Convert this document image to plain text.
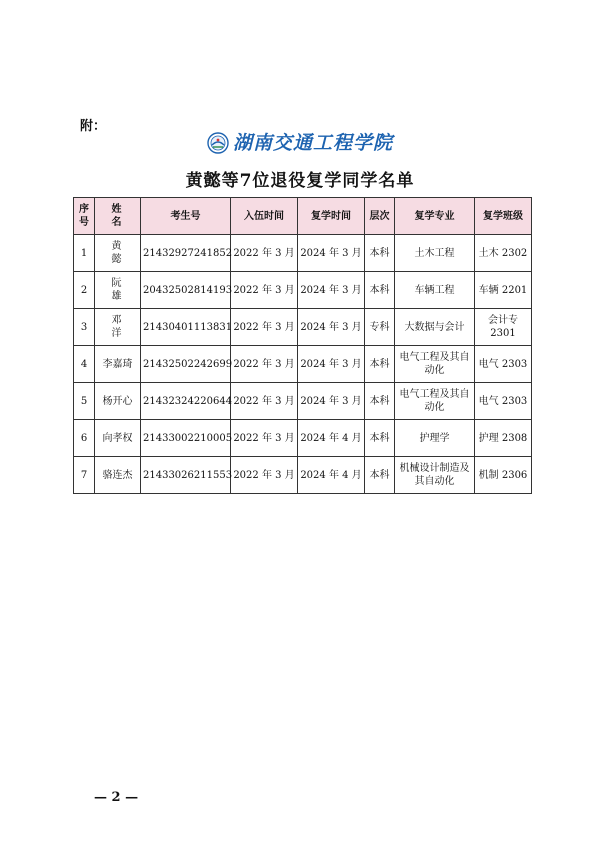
附：
湖南交通工程学院
黄懿等7位退役复学同学名单
序号	姓名	考生号	入伍时间	复学时间	层次	复学专业	复学班级
1	黄懿	21432927241852	2022 年 3 月	2024 年 3 月	本科	土木工程	土木 2302
2	阮雄	20432502814193	2022 年 3 月	2024 年 3 月	本科	车辆工程	车辆 2201
3	邓洋	21430401113831	2022 年 3 月	2024 年 3 月	专科	大数据与会计	会计专 2301
4	李嘉琦	21432502242699	2022 年 3 月	2024 年 3 月	本科	电气工程及其自动化	电气 2303
5	杨开心	21432324220644	2022 年 3 月	2024 年 3 月	本科	电气工程及其自动化	电气 2303
6	向孝权	21433002210005	2022 年 3 月	2024 年 4 月	本科	护理学	护理 2308
7	骆连杰	21433026211553	2022 年 3 月	2024 年 4 月	本科	机械设计制造及其自动化	机制 2306
— 2 —
